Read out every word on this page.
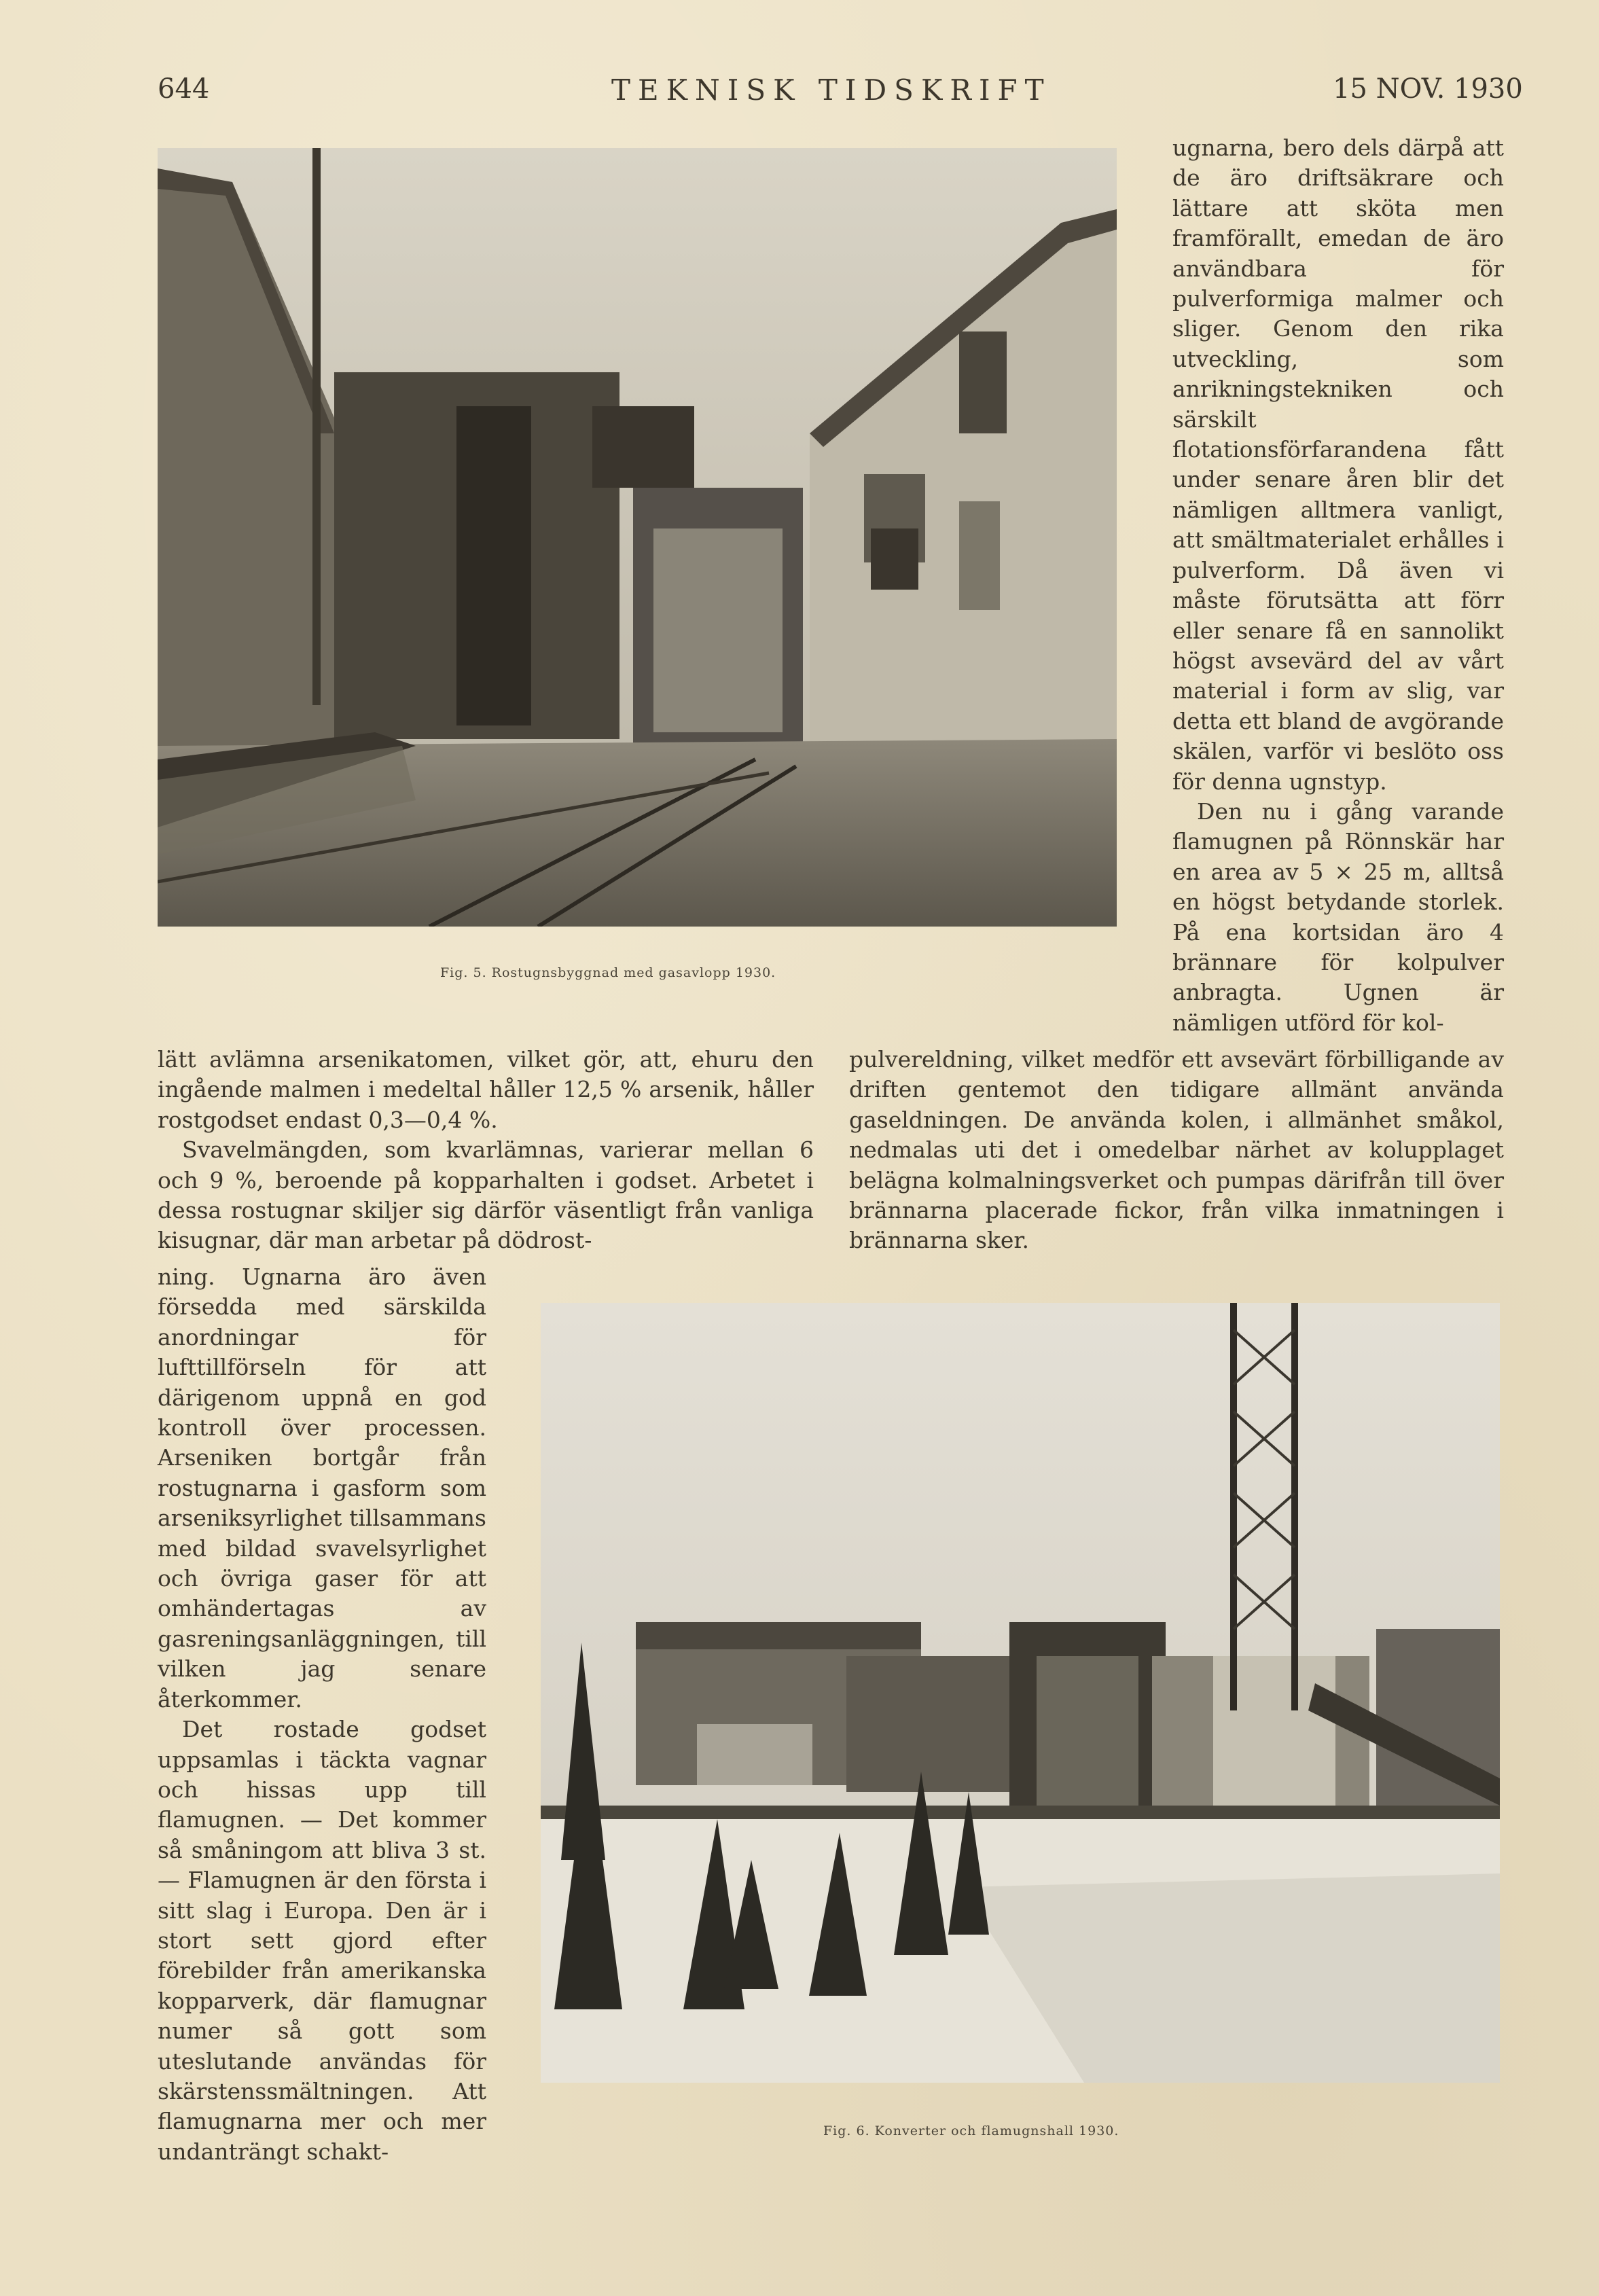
644	TEKNISK TIDSKRIFT	15 NOV. 1930
Fig. 5. Rostugnsbyggnad med gasavlopp 1930.

ugnarna, bero dels därpå att de äro driftsäkrare och lättare att sköta men framförallt, emedan de äro användbara för pulverformiga malmer och sliger. Genom den rika utveckling, som anrikningstekniken och särskilt flotationsförfarandena fått under senare åren blir det nämligen alltmera vanligt, att smältmaterialet erhålles i pulverform. Då även vi måste förutsätta att förr eller senare få en sannolikt högst avsevärd del av vårt material i form av slig, var detta ett bland de avgörande skälen, varför vi beslöto oss för denna ugnstyp.

Den nu i gång varande flamugnen på Rönnskär har en area av 5 × 25 m, alltså en högst betydande storlek. På ena kortsidan äro 4 brännare för kolpulver anbragta. Ugnen är nämligen utförd för kol-

lätt avlämna arsenikatomen, vilket gör, att, ehuru den ingående malmen i medeltal håller 12,5 % arsenik, håller rostgodset endast 0,3—0,4 %.

Svavelmängden, som kvarlämnas, varierar mellan 6 och 9 %, beroende på kopparhalten i godset. Arbetet i dessa rostugnar skiljer sig därför väsentligt från vanliga kisugnar, där man arbetar på dödrost-

pulvereldning, vilket medför ett avsevärt förbilligande av driften gentemot den tidigare allmänt använda gaseldningen. De använda kolen, i allmänhet småkol, nedmalas uti det i omedelbar närhet av kolupplaget belägna kolmalningsverket och pumpas därifrån till över brännarna placerade fickor, från vilka inmatningen i brännarna sker.

ning. Ugnarna äro även försedda med särskilda anordningar för lufttillförseln för att därigenom uppnå en god kontroll över processen. Arseniken bortgår från rostugnarna i gasform som arseniksyrlighet tillsammans med bildad svavelsyrlighet och övriga gaser för att omhändertagas av gasreningsanläggningen, till vilken jag senare återkommer.

Det rostade godset uppsamlas i täckta vagnar och hissas upp till flamugnen. — Det kommer så småningom att bliva 3 st. — Flamugnen är den första i sitt slag i Europa. Den är i stort sett gjord efter förebilder från amerikanska kopparverk, där flamugnar numer så gott som uteslutande användas för skärstenssmältningen. Att flamugnarna mer och mer undanträngt schakt-

Fig. 6. Konverter och flamugnshall 1930.
